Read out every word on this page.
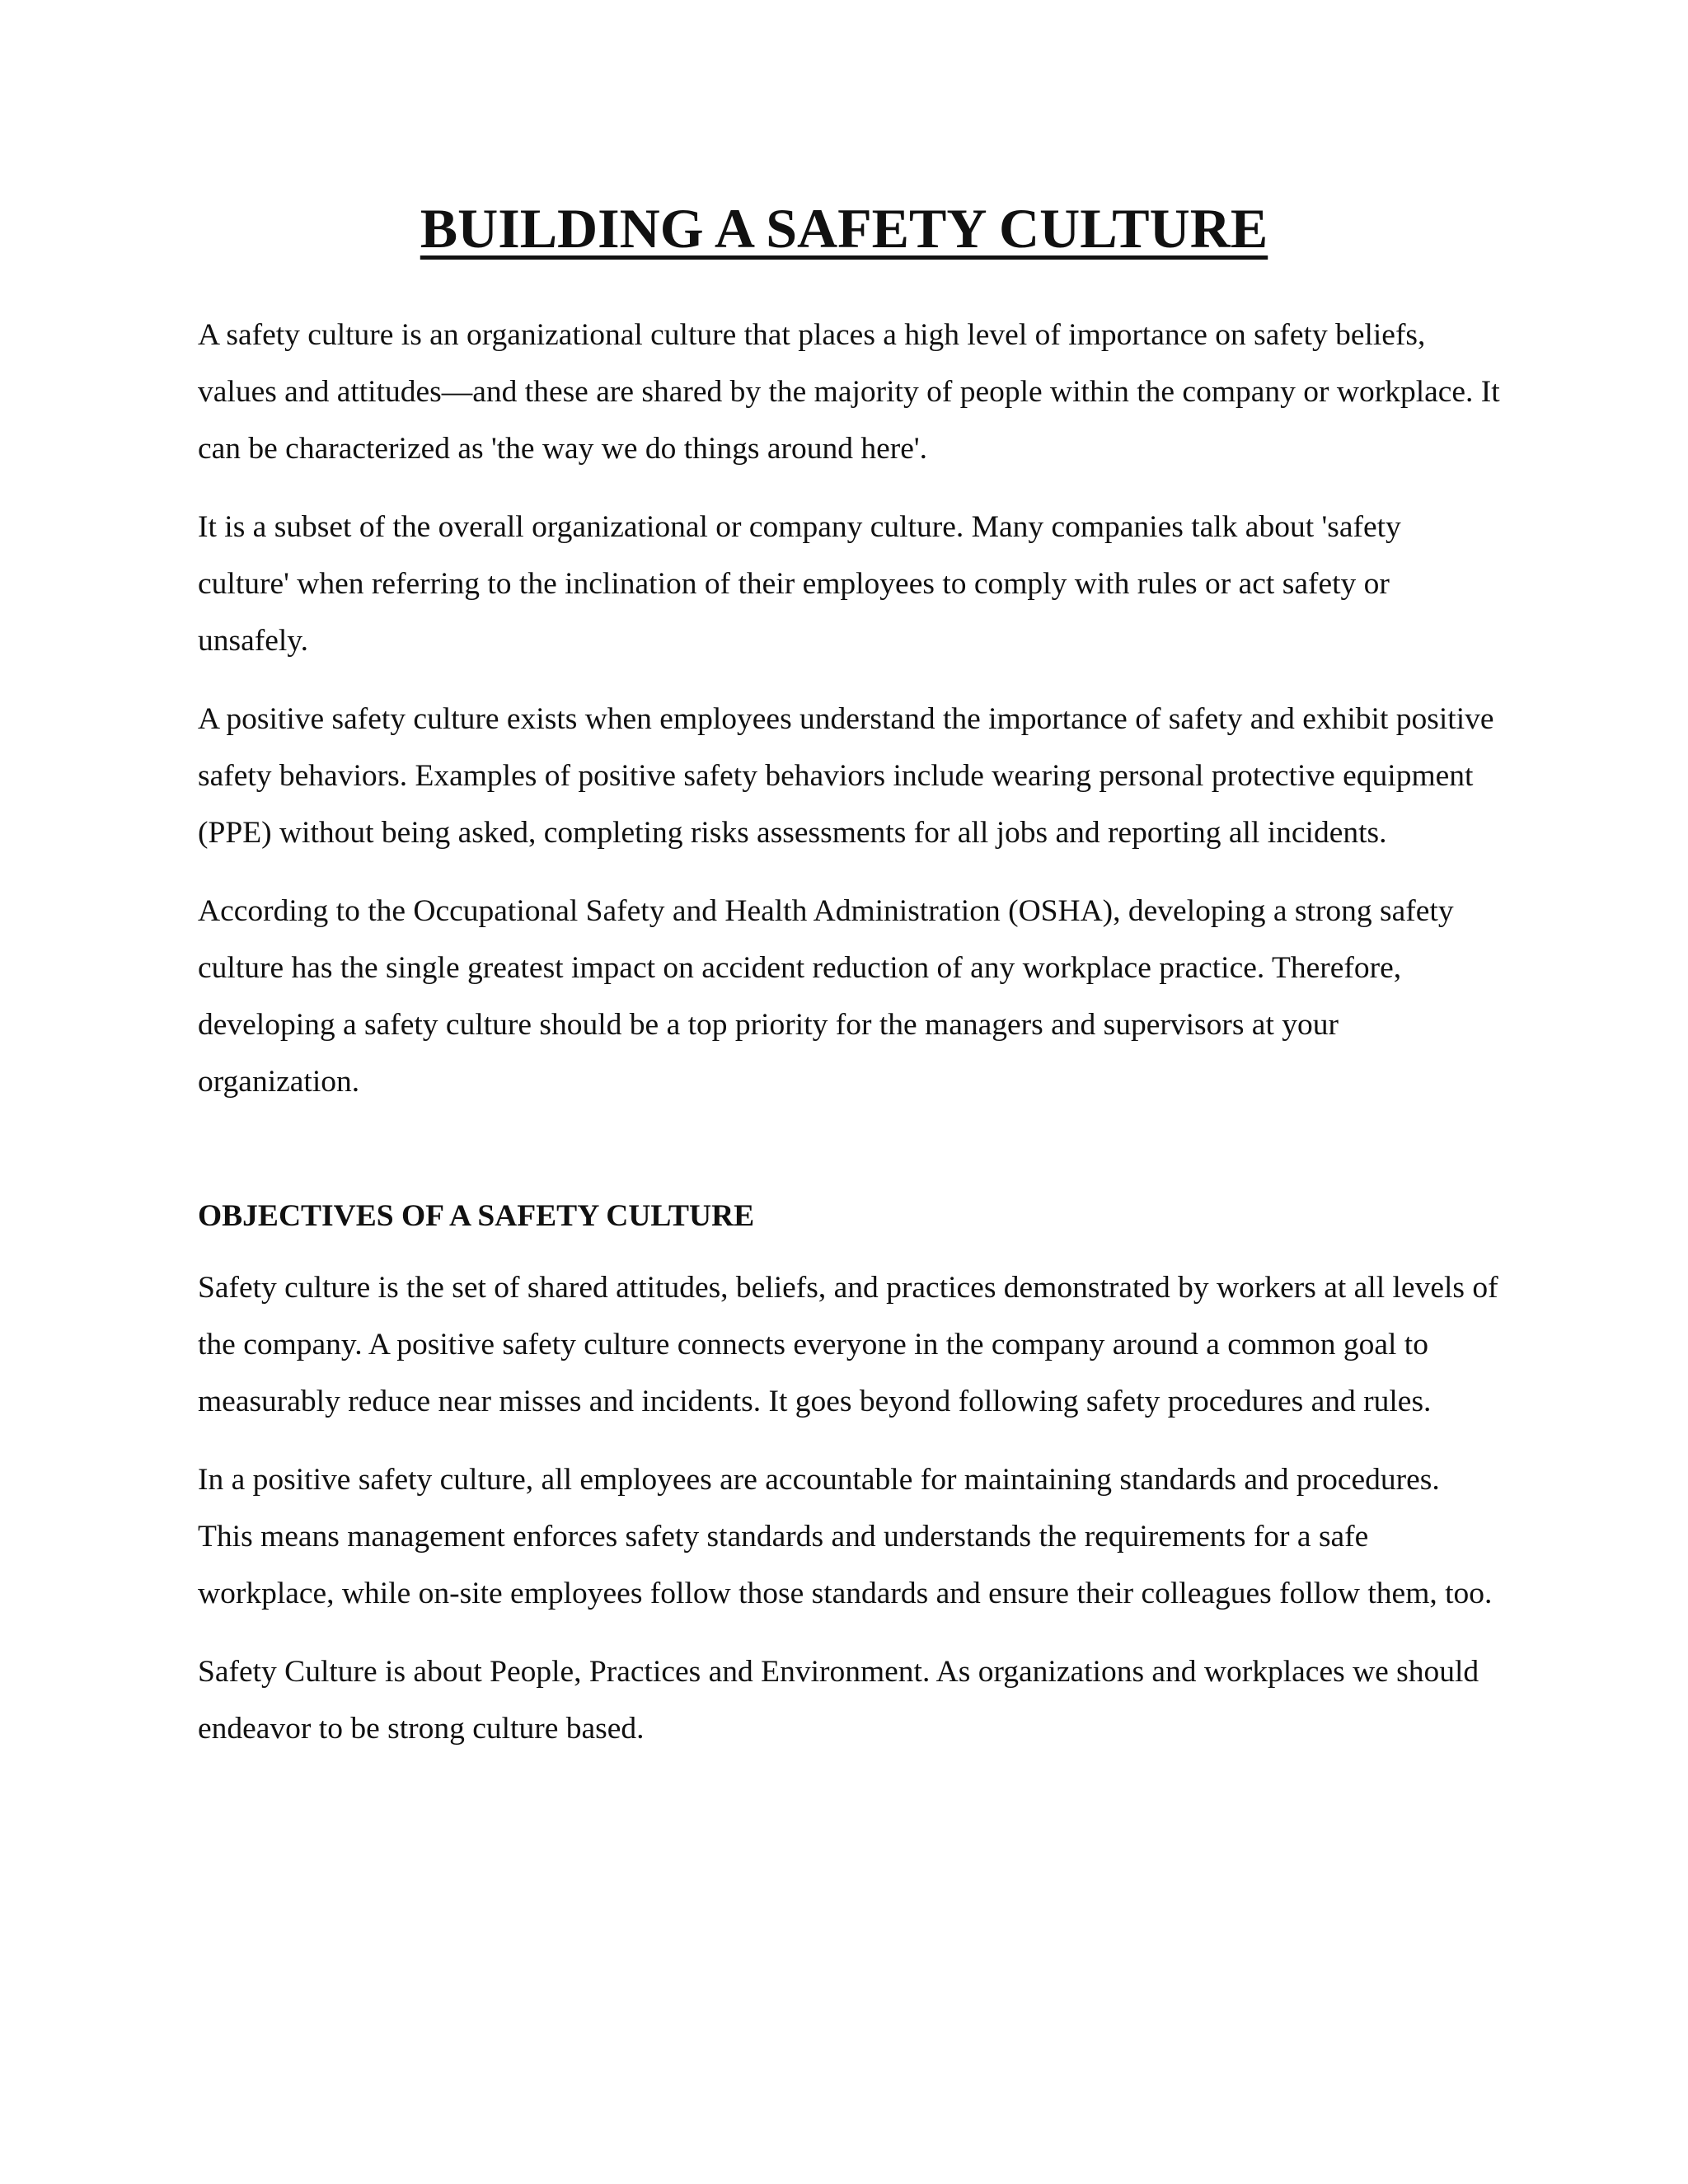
BUILDING A SAFETY CULTURE

A safety culture is an organizational culture that places a high level of importance on safety beliefs, values and attitudes—and these are shared by the majority of people within the company or workplace. It can be characterized as 'the way we do things around here'.

It is a subset of the overall organizational or company culture. Many companies talk about 'safety culture' when referring to the inclination of their employees to comply with rules or act safety or unsafely.

A positive safety culture exists when employees understand the importance of safety and exhibit positive safety behaviors. Examples of positive safety behaviors include wearing personal protective equipment (PPE) without being asked, completing risks assessments for all jobs and reporting all incidents.

According to the Occupational Safety and Health Administration (OSHA), developing a strong safety culture has the single greatest impact on accident reduction of any workplace practice. Therefore, developing a safety culture should be a top priority for the managers and supervisors at your organization.

OBJECTIVES OF A SAFETY CULTURE

Safety culture is the set of shared attitudes, beliefs, and practices demonstrated by workers at all levels of the company. A positive safety culture connects everyone in the company around a common goal to measurably reduce near misses and incidents. It goes beyond following safety procedures and rules.

In a positive safety culture, all employees are accountable for maintaining standards and procedures. This means management enforces safety standards and understands the requirements for a safe workplace, while on-site employees follow those standards and ensure their colleagues follow them, too.

Safety Culture is about People, Practices and Environment. As organizations and workplaces we should endeavor to be strong culture based.
